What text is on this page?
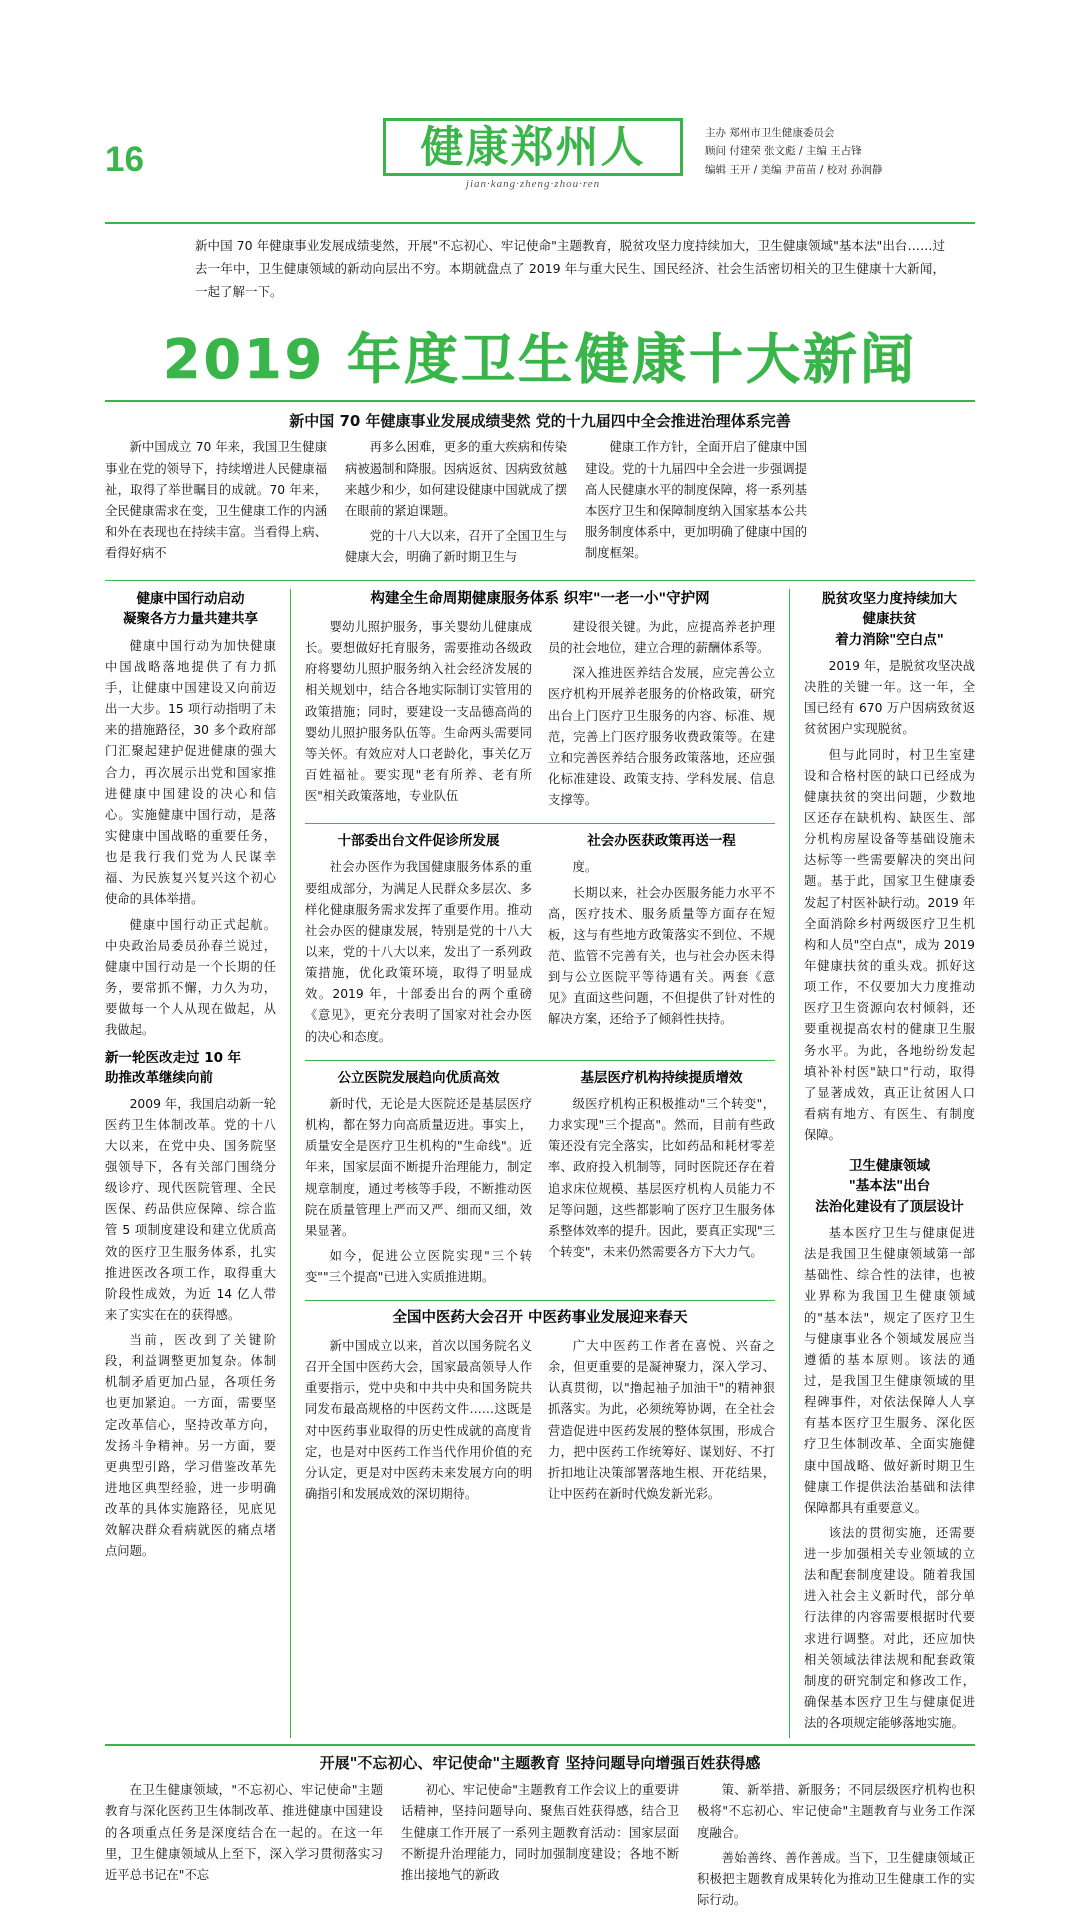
16	健康郑州人
jian·kang·zheng·zhou·ren
主办 郑州市卫生健康委员会
顾问 付建荣 张文彪 / 主编 王占锋
编辑 王开 / 美编 尹苗苗 / 校对 孙润静
新中国 70 年健康事业发展成绩斐然，开展"不忘初心、牢记使命"主题教育，脱贫攻坚力度持续加大，卫生健康领域"基本法"出台……过去一年中，卫生健康领域的新动向层出不穷。本期就盘点了 2019 年与重大民生、国民经济、社会生活密切相关的卫生健康十大新闻，一起了解一下。
2019 年度卫生健康十大新闻
新中国 70 年健康事业发展成绩斐然 党的十九届四中全会推进治理体系完善

新中国成立 70 年来，我国卫生健康事业在党的领导下，持续增进人民健康福祉，取得了举世瞩目的成就。70 年来，全民健康需求在变，卫生健康工作的内涵和外在表现也在持续丰富。当看得上病、看得好病不

再多么困难，更多的重大疾病和传染病被遏制和降服。因病返贫、因病致贫越来越少和少，如何建设健康中国就成了摆在眼前的紧迫课题。

党的十八大以来，召开了全国卫生与健康大会，明确了新时期卫生与

健康工作方针，全面开启了健康中国建设。党的十九届四中全会进一步强调提高人民健康水平的制度保障，将一系列基本医疗卫生和保障制度纳入国家基本公共服务制度体系中，更加明确了健康中国的制度框架。

健康中国行动启动
凝聚各方力量共建共享

健康中国行动为加快健康中国战略落地提供了有力抓手，让健康中国建设又向前迈出一大步。15 项行动指明了未来的措施路径，30 多个政府部门汇聚起建护促进健康的强大合力，再次展示出党和国家推进健康中国建设的决心和信心。实施健康中国行动，是落实健康中国战略的重要任务，也是我行我们党为人民谋幸福、为民族复兴复兴这个初心使命的具体举措。

健康中国行动正式起航。中央政治局委员孙春兰说过，健康中国行动是一个长期的任务，要常抓不懈，力久为功，要做每一个人从现在做起，从我做起。

新一轮医改走过 10 年
助推改革继续向前

2009 年，我国启动新一轮医药卫生体制改革。党的十八大以来，在党中央、国务院坚强领导下，各有关部门围绕分级诊疗、现代医院管理、全民医保、药品供应保障、综合监管 5 项制度建设和建立优质高效的医疗卫生服务体系，扎实推进医改各项工作，取得重大阶段性成效，为近 14 亿人带来了实实在在的获得感。

当前，医改到了关键阶段，利益调整更加复杂。体制机制矛盾更加凸显，各项任务也更加紧迫。一方面，需要坚定改革信心，坚持改革方向，发扬斗争精神。另一方面，要更典型引路，学习借鉴改革先进地区典型经验，进一步明确改革的具体实施路径，见底见效解决群众看病就医的痛点堵点问题。

构建全生命周期健康服务体系 织牢"一老一小"守护网

婴幼儿照护服务，事关婴幼儿健康成长。要想做好托育服务，需要推动各级政府将婴幼儿照护服务纳入社会经济发展的相关规划中，结合各地实际制订实管用的政策措施；同时，要建设一支品德高尚的婴幼儿照护服务队伍等。生命两头需要同等关怀。有效应对人口老龄化，事关亿万百姓福祉。要实现"老有所养、老有所医"相关政策落地，专业队伍

建设很关键。为此，应提高养老护理员的社会地位，建立合理的薪酬体系等。

深入推进医养结合发展，应完善公立医疗机构开展养老服务的价格政策，研究出台上门医疗卫生服务的内容、标准、规范，完善上门医疗服务收费政策等。在建立和完善医养结合服务政策落地，还应强化标准建设、政策支持、学科发展、信息支撑等。

十部委出台文件促诊所发展

社会办医作为我国健康服务体系的重要组成部分，为满足人民群众多层次、多样化健康服务需求发挥了重要作用。推动社会办医的健康发展，特别是党的十八大以来，党的十八大以来，发出了一系列政策措施，优化政策环境，取得了明显成效。2019 年，十部委出台的两个重磅《意见》，更充分表明了国家对社会办医的决心和态度。

社会办医获政策再送一程

度。

长期以来，社会办医服务能力水平不高，医疗技术、服务质量等方面存在短板，这与有些地方政策落实不到位、不规范、监管不完善有关，也与社会办医未得到与公立医院平等待遇有关。两套《意见》直面这些问题，不但提供了针对性的解决方案，还给予了倾斜性扶持。

公立医院发展趋向优质高效

新时代，无论是大医院还是基层医疗机构，都在努力向高质量迈进。事实上，质量安全是医疗卫生机构的"生命线"。近年来，国家层面不断提升治理能力，制定规章制度，通过考核等手段，不断推动医院在质量管理上严而又严、细而又细，效果显著。

如今，促进公立医院实现"三个转变""三个提高"已进入实质推进期。

基层医疗机构持续提质增效

级医疗机构正积极推动"三个转变"，力求实现"三个提高"。然而，目前有些政策还没有完全落实，比如药品和耗材零差率、政府投入机制等，同时医院还存在着追求床位规模、基层医疗机构人员能力不足等问题，这些都影响了医疗卫生服务体系整体效率的提升。因此，要真正实现"三个转变"，未来仍然需要各方下大力气。

全国中医药大会召开 中医药事业发展迎来春天

新中国成立以来，首次以国务院名义召开全国中医药大会，国家最高领导人作重要指示，党中央和中共中央和国务院共同发布最高规格的中医药文件……这既是对中医药事业取得的历史性成就的高度肯定，也是对中医药工作当代作用价值的充分认定，更是对中医药未来发展方向的明确指引和发展成效的深切期待。

广大中医药工作者在喜悦、兴奋之余，但更重要的是凝神聚力，深入学习、认真贯彻，以"撸起袖子加油干"的精神狠抓落实。为此，必须统筹协调，在全社会营造促进中医药发展的整体氛围，形成合力，把中医药工作统筹好、谋划好、不打折扣地让决策部署落地生根、开花结果，让中医药在新时代焕发新光彩。

脱贫攻坚力度持续加大
健康扶贫
着力消除"空白点"

2019 年，是脱贫攻坚决战决胜的关键一年。这一年，全国已经有 670 万户因病致贫返贫贫困户实现脱贫。

但与此同时，村卫生室建设和合格村医的缺口已经成为健康扶贫的突出问题，少数地区还存在缺机构、缺医生、部分机构房屋设备等基础设施未达标等一些需要解决的突出问题。基于此，国家卫生健康委发起了村医补缺行动。2019 年全面消除乡村两级医疗卫生机构和人员"空白点"，成为 2019 年健康扶贫的重头戏。抓好这项工作，不仅要加大力度推动医疗卫生资源向农村倾斜，还要重视提高农村的健康卫生服务水平。为此，各地纷纷发起填补补村医"缺口"行动，取得了显著成效，真正让贫困人口看病有地方、有医生、有制度保障。

卫生健康领域
"基本法"出台
法治化建设有了顶层设计

基本医疗卫生与健康促进法是我国卫生健康领域第一部基础性、综合性的法律，也被业界称为我国卫生健康领域的"基本法"，规定了医疗卫生与健康事业各个领域发展应当遵循的基本原则。该法的通过，是我国卫生健康领域的里程碑事件，对依法保障人人享有基本医疗卫生服务、深化医疗卫生体制改革、全面实施健康中国战略、做好新时期卫生健康工作提供法治基础和法律保障都具有重要意义。

该法的贯彻实施，还需要进一步加强相关专业领域的立法和配套制度建设。随着我国进入社会主义新时代，部分单行法律的内容需要根据时代要求进行调整。对此，还应加快相关领域法律法规和配套政策制度的研究制定和修改工作，确保基本医疗卫生与健康促进法的各项规定能够落地实施。

开展"不忘初心、牢记使命"主题教育 坚持问题导向增强百姓获得感

在卫生健康领域，"不忘初心、牢记使命"主题教育与深化医药卫生体制改革、推进健康中国建设的各项重点任务是深度结合在一起的。在这一年里，卫生健康领域从上至下，深入学习贯彻落实习近平总书记在"不忘

初心、牢记使命"主题教育工作会议上的重要讲话精神，坚持问题导向、聚焦百姓获得感，结合卫生健康工作开展了一系列主题教育活动：国家层面不断提升治理能力，同时加强制度建设；各地不断推出接地气的新政

策、新举措、新服务；不同层级医疗机构也积极将"不忘初心、牢记使命"主题教育与业务工作深度融合。

善始善终、善作善成。当下，卫生健康领域正积极把主题教育成果转化为推动卫生健康工作的实际行动。
